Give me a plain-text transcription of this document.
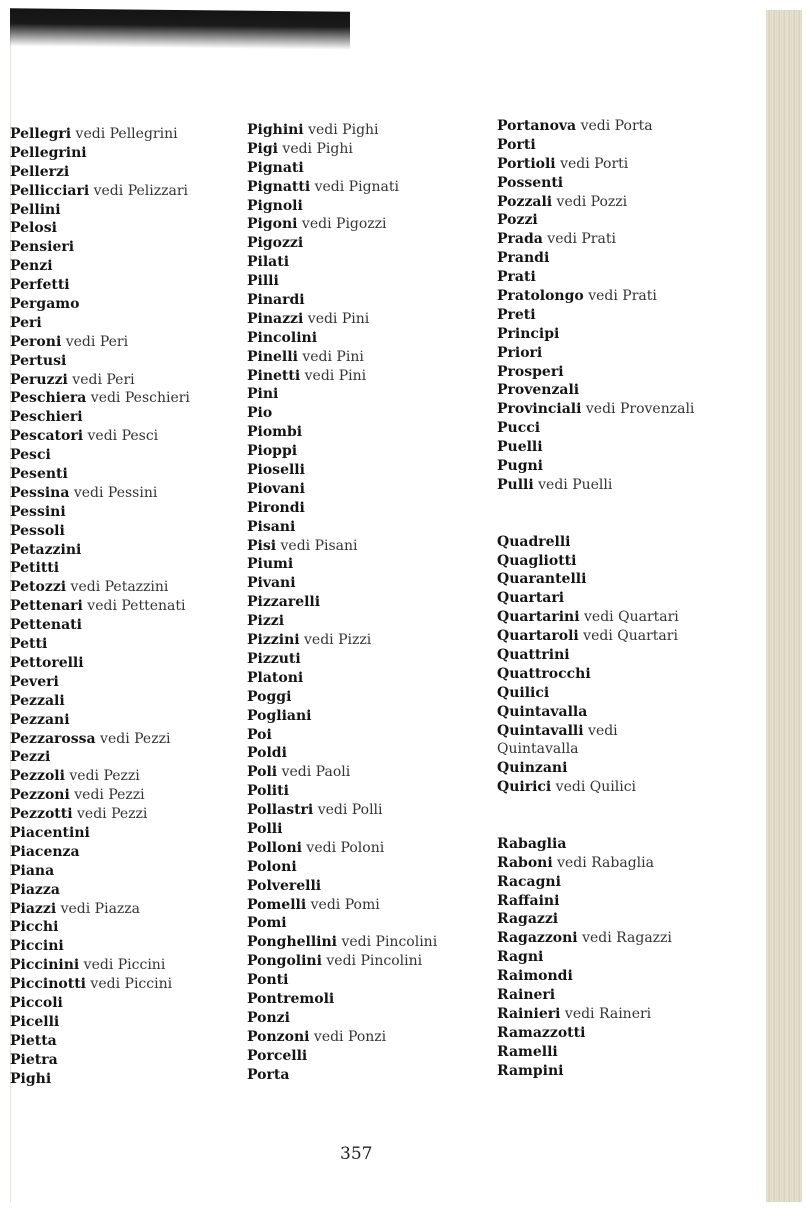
Pellegri vedi Pellegrini
Pellegrini
Pellerzi
Pellicciari vedi Pelizzari
Pellini
Pelosi
Pensieri
Penzi
Perfetti
Pergamo
Peri
Peroni vedi Peri
Pertusi
Peruzzi vedi Peri
Peschiera vedi Peschieri
Peschieri
Pescatori vedi Pesci
Pesci
Pesenti
Pessina vedi Pessini
Pessini
Pessoli
Petazzini
Petitti
Petozzi vedi Petazzini
Pettenari vedi Pettenati
Pettenati
Petti
Pettorelli
Peveri
Pezzali
Pezzani
Pezzarossa vedi Pezzi
Pezzi
Pezzoli vedi Pezzi
Pezzoni vedi Pezzi
Pezzotti vedi Pezzi
Piacentini
Piacenza
Piana
Piazza
Piazzi vedi Piazza
Picchi
Piccini
Piccinini vedi Piccini
Piccinotti vedi Piccini
Piccoli
Picelli
Pietta
Pietra
Pighi
Pighini vedi Pighi
Pigi vedi Pighi
Pignati
Pignatti vedi Pignati
Pignoli
Pigoni vedi Pigozzi
Pigozzi
Pilati
Pilli
Pinardi
Pinazzi vedi Pini
Pincolini
Pinelli vedi Pini
Pinetti vedi Pini
Pini
Pio
Piombi
Pioppi
Pioselli
Piovani
Pirondi
Pisani
Pisi vedi Pisani
Piumi
Pivani
Pizzarelli
Pizzi
Pizzini vedi Pizzi
Pizzuti
Platoni
Poggi
Pogliani
Poi
Poldi
Poli vedi Paoli
Politi
Pollastri vedi Polli
Polli
Polloni vedi Poloni
Poloni
Polverelli
Pomelli vedi Pomi
Pomi
Ponghellini vedi Pincolini
Pongolini vedi Pincolini
Ponti
Pontremoli
Ponzi
Ponzoni vedi Ponzi
Porcelli
Porta
Portanova vedi Porta
Porti
Portioli vedi Porti
Possenti
Pozzali vedi Pozzi
Pozzi
Prada vedi Prati
Prandi
Prati
Pratolongo vedi Prati
Preti
Principi
Priori
Prosperi
Provenzali
Provinciali vedi Provenzali
Pucci
Puelli
Pugni
Pulli vedi Puelli
Quadrelli
Quagliotti
Quarantelli
Quartari
Quartarini vedi Quartari
Quartaroli vedi Quartari
Quattrini
Quattrocchi
Quilici
Quintavalla
Quintavalli vedi
Quintavalla
Quinzani
Quirici vedi Quilici
Rabaglia
Raboni vedi Rabaglia
Racagni
Raffaini
Ragazzi
Ragazzoni vedi Ragazzi
Ragni
Raimondi
Raineri
Rainieri vedi Raineri
Ramazzotti
Ramelli
Rampini
357
